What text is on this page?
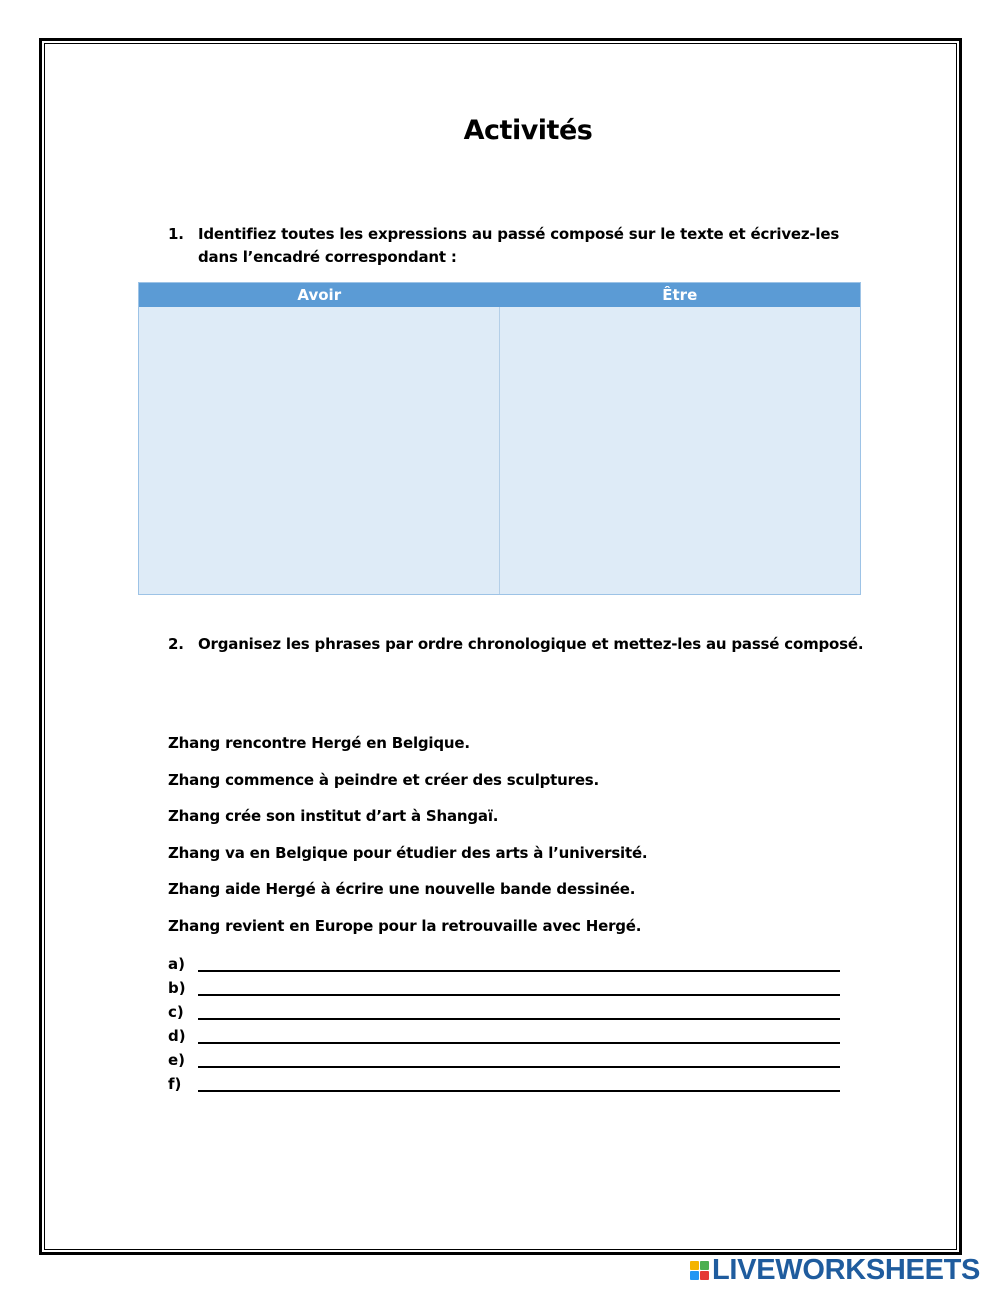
Activités
1. Identifiez toutes les expressions au passé composé sur le texte et écrivez-les dans l’encadré correspondant :
Avoir	Être
2. Organisez les phrases par ordre chronologique et mettez-les au passé composé.
Zhang rencontre Hergé en Belgique.
Zhang commence à peindre et créer des sculptures.
Zhang crée son institut d’art à Shangaï.
Zhang va en Belgique pour étudier des arts à l’université.
Zhang aide Hergé à écrire une nouvelle bande dessinée.
Zhang revient en Europe pour la retrouvaille avec Hergé.
a)
b)
c)
d)
e)
f)
LIVEWORKSHEETS
